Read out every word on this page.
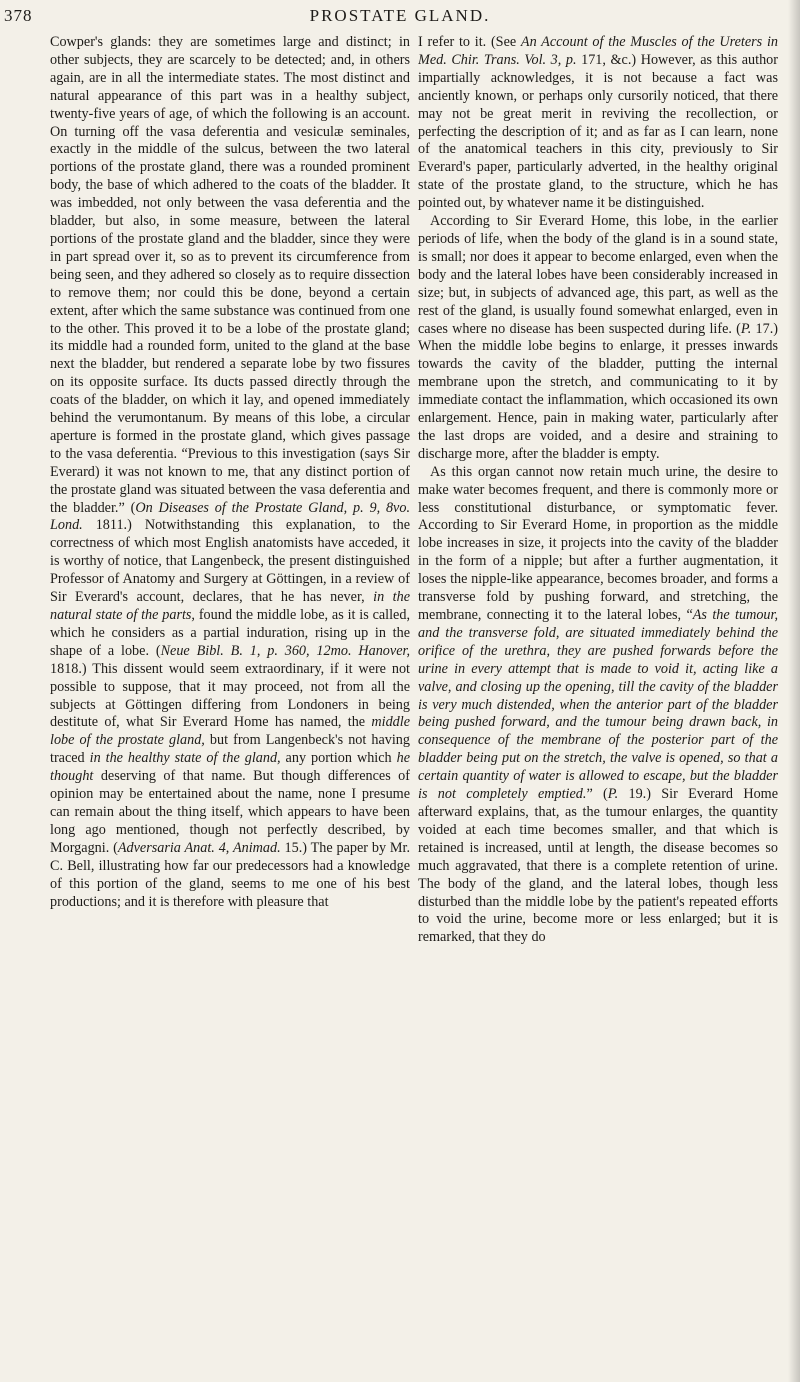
378	PROSTATE GLAND.

Cowper's glands: they are sometimes large and distinct; in other subjects, they are scarcely to be detected; and, in others again, are in all the intermediate states. The most distinct and natural appearance of this part was in a healthy subject, twenty-five years of age, of which the following is an account. On turning off the vasa deferentia and vesiculæ seminales, exactly in the middle of the sulcus, between the two lateral portions of the prostate gland, there was a rounded prominent body, the base of which adhered to the coats of the bladder. It was imbedded, not only between the vasa deferentia and the bladder, but also, in some measure, between the lateral portions of the prostate gland and the bladder, since they were in part spread over it, so as to prevent its circumference from being seen, and they adhered so closely as to require dissection to remove them; nor could this be done, beyond a certain extent, after which the same substance was continued from one to the other. This proved it to be a lobe of the prostate gland; its middle had a rounded form, united to the gland at the base next the bladder, but rendered a separate lobe by two fissures on its opposite surface. Its ducts passed directly through the coats of the bladder, on which it lay, and opened immediately behind the verumontanum. By means of this lobe, a circular aperture is formed in the prostate gland, which gives passage to the vasa deferentia. “Previous to this investigation (says Sir Everard) it was not known to me, that any distinct portion of the prostate gland was situated between the vasa deferentia and the bladder.” (On Diseases of the Prostate Gland, p. 9, 8vo. Lond. 1811.) Notwithstanding this explanation, to the correctness of which most English anatomists have acceded, it is worthy of notice, that Langenbeck, the present distinguished Professor of Anatomy and Surgery at Göttingen, in a review of Sir Everard's account, declares, that he has never, in the natural state of the parts, found the middle lobe, as it is called, which he considers as a partial induration, rising up in the shape of a lobe. (Neue Bibl. B. 1, p. 360, 12mo. Hanover, 1818.) This dissent would seem extraordinary, if it were not possible to suppose, that it may proceed, not from all the subjects at Göttingen differing from Londoners in being destitute of, what Sir Everard Home has named, the middle lobe of the prostate gland, but from Langenbeck's not having traced in the healthy state of the gland, any portion which he thought deserving of that name. But though differences of opinion may be entertained about the name, none I presume can remain about the thing itself, which appears to have been long ago mentioned, though not perfectly described, by Morgagni. (Adversaria Anat. 4, Animad. 15.) The paper by Mr. C. Bell, illustrating how far our predecessors had a knowledge of this portion of the gland, seems to me one of his best productions; and it is therefore with pleasure that

I refer to it. (See An Account of the Muscles of the Ureters in Med. Chir. Trans. Vol. 3, p. 171, &c.) However, as this author impartially acknowledges, it is not because a fact was anciently known, or perhaps only cursorily noticed, that there may not be great merit in reviving the recollection, or perfecting the description of it; and as far as I can learn, none of the anatomical teachers in this city, previously to Sir Everard's paper, particularly adverted, in the healthy original state of the prostate gland, to the structure, which he has pointed out, by whatever name it be distinguished.

According to Sir Everard Home, this lobe, in the earlier periods of life, when the body of the gland is in a sound state, is small; nor does it appear to become enlarged, even when the body and the lateral lobes have been considerably increased in size; but, in subjects of advanced age, this part, as well as the rest of the gland, is usually found somewhat enlarged, even in cases where no disease has been suspected during life. (P. 17.) When the middle lobe begins to enlarge, it presses inwards towards the cavity of the bladder, putting the internal membrane upon the stretch, and communicating to it by immediate contact the inflammation, which occasioned its own enlargement. Hence, pain in making water, particularly after the last drops are voided, and a desire and straining to discharge more, after the bladder is empty.

As this organ cannot now retain much urine, the desire to make water becomes frequent, and there is commonly more or less constitutional disturbance, or symptomatic fever. According to Sir Everard Home, in proportion as the middle lobe increases in size, it projects into the cavity of the bladder in the form of a nipple; but after a further augmentation, it loses the nipple-like appearance, becomes broader, and forms a transverse fold by pushing forward, and stretching, the membrane, connecting it to the lateral lobes, “As the tumour, and the transverse fold, are situated immediately behind the orifice of the urethra, they are pushed forwards before the urine in every attempt that is made to void it, acting like a valve, and closing up the opening, till the cavity of the bladder is very much distended, when the anterior part of the bladder being pushed forward, and the tumour being drawn back, in consequence of the membrane of the posterior part of the bladder being put on the stretch, the valve is opened, so that a certain quantity of water is allowed to escape, but the bladder is not completely emptied.” (P. 19.) Sir Everard Home afterward explains, that, as the tumour enlarges, the quantity voided at each time becomes smaller, and that which is retained is increased, until at length, the disease becomes so much aggravated, that there is a complete retention of urine. The body of the gland, and the lateral lobes, though less disturbed than the middle lobe by the patient's repeated efforts to void the urine, become more or less enlarged; but it is remarked, that they do
